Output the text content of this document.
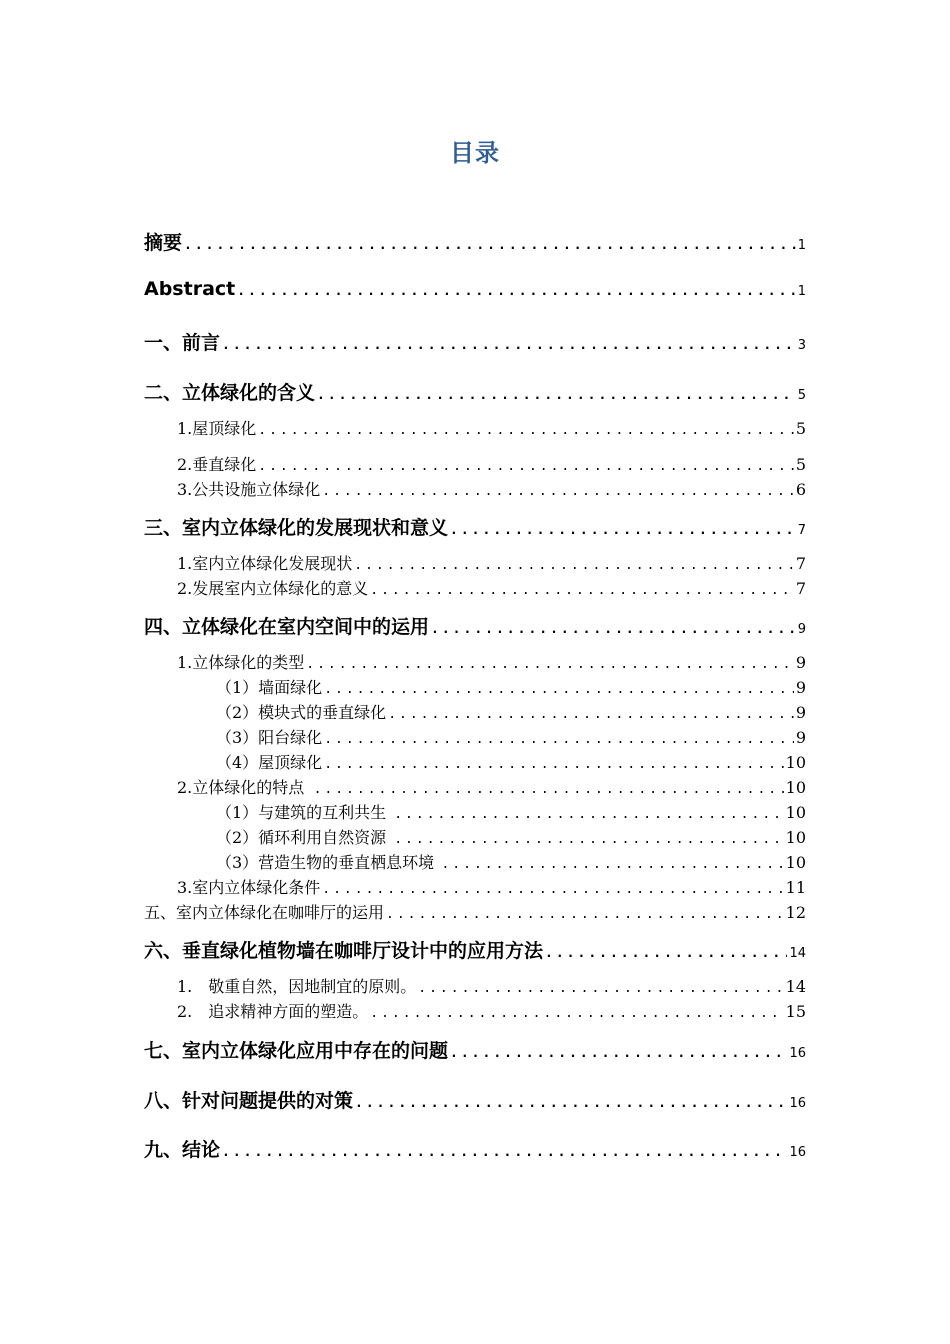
目录
摘要 .....	1
Abstract .....	1
一、前言 .....	3
二、立体绿化的含义 .....	5
1.屋顶绿化 .....	5
2.垂直绿化 .....	5
3.公共设施立体绿化 .....	6
三、室内立体绿化的发展现状和意义 .....	7
1.室内立体绿化发展现状 .....	7
2.发展室内立体绿化的意义 .....	7
四、立体绿化在室内空间中的运用 .....	9
1.立体绿化的类型 .....	9
（1）墙面绿化 .....	9
（2）模块式的垂直绿化 .....	9
（3）阳台绿化 .....	9
（4）屋顶绿化 .....	10
2.立体绿化的特点 .....	10
（1）与建筑的互利共生 .....	10
（2）循环利用自然资源 .....	10
（3）营造生物的垂直栖息环境 .....	10
3.室内立体绿化条件 .....	11
五、室内立体绿化在咖啡厅的运用 .....	12
六、垂直绿化植物墙在咖啡厅设计中的应用方法 .....	14
1.　敬重自然，因地制宜的原则。 .....	14
2.　追求精神方面的塑造。 .....	15
七、室内立体绿化应用中存在的问题 .....	16
八、针对问题提供的对策 .....	16
九、结论 .....	16
